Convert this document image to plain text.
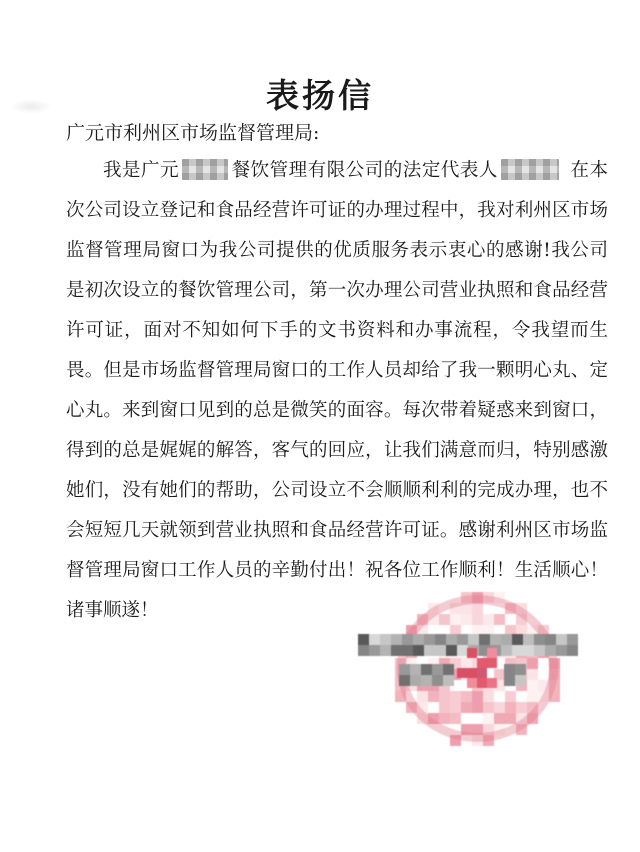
表扬信
广元市利州区市场监督管理局:

我是广元	餐饮管理有限公司的法定代表人	在本次公司设立登记和食品经营许可证的办理过程中，我对利州区市场监督管理局窗口为我公司提供的优质服务表示衷心的感谢!我公司是初次设立的餐饮管理公司，第一次办理公司营业执照和食品经营许可证，面对不知如何下手的文书资料和办事流程，令我望而生畏。但是市场监督管理局窗口的工作人员却给了我一颗明心丸、定心丸。来到窗口见到的总是微笑的面容。每次带着疑惑来到窗口，得到的总是娓娓的解答，客气的回应，让我们满意而归，特别感激她们，没有她们的帮助，公司设立不会顺顺利利的完成办理，也不会短短几天就领到营业执照和食品经营许可证。感谢利州区市场监督管理局窗口工作人员的辛勤付出！祝各位工作顺利！生活顺心！诸事顺遂！
